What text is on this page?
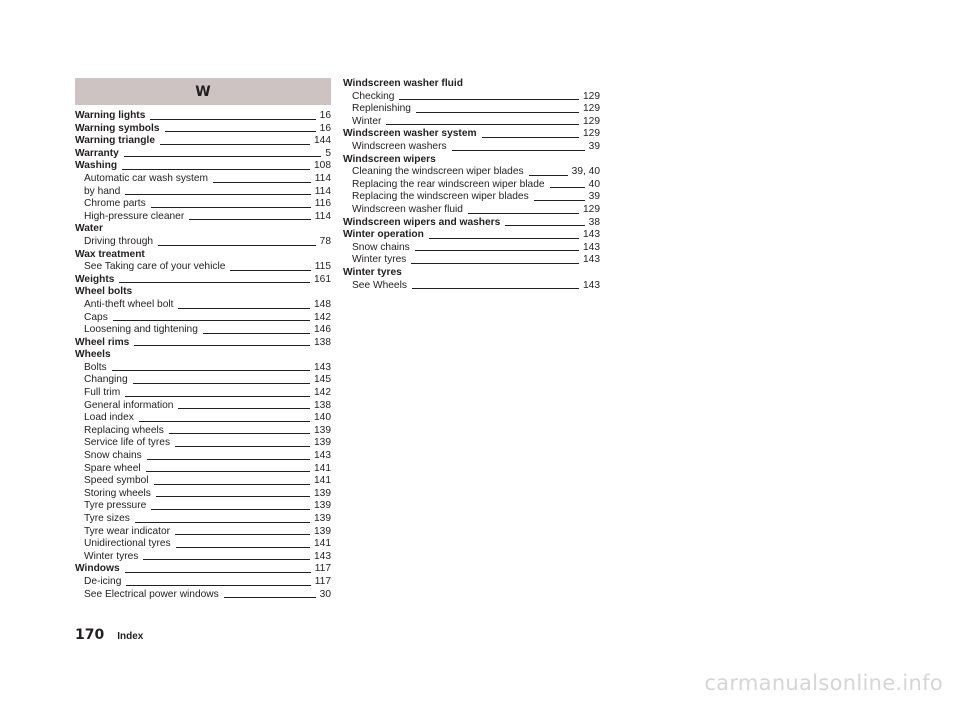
W
Warning lights	16
Warning symbols	16
Warning triangle	144
Warranty	5
Washing	108
Automatic car wash system	114
by hand	114
Chrome parts	116
High-pressure cleaner	114
Water
Driving through	78
Wax treatment
See Taking care of your vehicle	115
Weights	161
Wheel bolts
Anti-theft wheel bolt	148
Caps	142
Loosening and tightening	146
Wheel rims	138
Wheels
Bolts	143
Changing	145
Full trim	142
General information	138
Load index	140
Replacing wheels	139
Service life of tyres	139
Snow chains	143
Spare wheel	141
Speed symbol	141
Storing wheels	139
Tyre pressure	139
Tyre sizes	139
Tyre wear indicator	139
Unidirectional tyres	141
Winter tyres	143
Windows	117
De-icing	117
See Electrical power windows	30
Windscreen washer fluid
Checking	129
Replenishing	129
Winter	129
Windscreen washer system	129
Windscreen washers	39
Windscreen wipers
Cleaning the windscreen wiper blades	39, 40
Replacing the rear windscreen wiper blade	40
Replacing the windscreen wiper blades	39
Windscreen washer fluid	129
Windscreen wipers and washers	38
Winter operation	143
Snow chains	143
Winter tyres	143
Winter tyres
See Wheels	143
170 Index
carmanualsonline.info
